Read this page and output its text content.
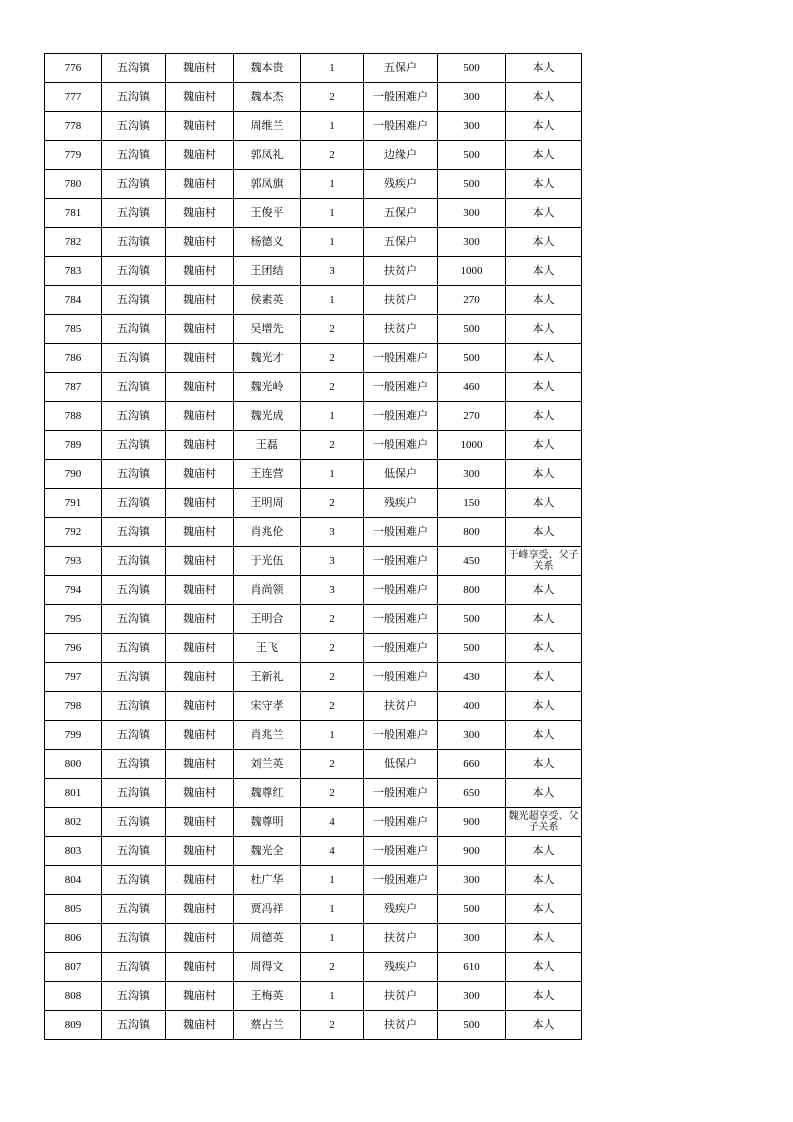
776	五沟镇	魏庙村	魏本贵	1	五保户	500	本人
777	五沟镇	魏庙村	魏本杰	2	一般困难户	300	本人
778	五沟镇	魏庙村	周维兰	1	一般困难户	300	本人
779	五沟镇	魏庙村	郭凤礼	2	边缘户	500	本人
780	五沟镇	魏庙村	郭凤旗	1	残疾户	500	本人
781	五沟镇	魏庙村	王俊平	1	五保户	300	本人
782	五沟镇	魏庙村	杨德义	1	五保户	300	本人
783	五沟镇	魏庙村	王团结	3	扶贫户	1000	本人
784	五沟镇	魏庙村	侯素英	1	扶贫户	270	本人
785	五沟镇	魏庙村	吴增先	2	扶贫户	500	本人
786	五沟镇	魏庙村	魏光才	2	一般困难户	500	本人
787	五沟镇	魏庙村	魏光岭	2	一般困难户	460	本人
788	五沟镇	魏庙村	魏光成	1	一般困难户	270	本人
789	五沟镇	魏庙村	王磊	2	一般困难户	1000	本人
790	五沟镇	魏庙村	王连营	1	低保户	300	本人
791	五沟镇	魏庙村	王明周	2	残疾户	150	本人
792	五沟镇	魏庙村	肖兆伦	3	一般困难户	800	本人
793	五沟镇	魏庙村	于光伍	3	一般困难户	450	于峰享受、父子关系
794	五沟镇	魏庙村	肖尚领	3	一般困难户	800	本人
795	五沟镇	魏庙村	王明合	2	一般困难户	500	本人
796	五沟镇	魏庙村	王飞	2	一般困难户	500	本人
797	五沟镇	魏庙村	王新礼	2	一般困难户	430	本人
798	五沟镇	魏庙村	宋守孝	2	扶贫户	400	本人
799	五沟镇	魏庙村	肖兆兰	1	一般困难户	300	本人
800	五沟镇	魏庙村	刘兰英	2	低保户	660	本人
801	五沟镇	魏庙村	魏尊红	2	一般困难户	650	本人
802	五沟镇	魏庙村	魏尊明	4	一般困难户	900	魏光超享受、父子关系
803	五沟镇	魏庙村	魏光全	4	一般困难户	900	本人
804	五沟镇	魏庙村	杜广华	1	一般困难户	300	本人
805	五沟镇	魏庙村	贾冯祥	1	残疾户	500	本人
806	五沟镇	魏庙村	周德英	1	扶贫户	300	本人
807	五沟镇	魏庙村	周得文	2	残疾户	610	本人
808	五沟镇	魏庙村	王梅英	1	扶贫户	300	本人
809	五沟镇	魏庙村	蔡占兰	2	扶贫户	500	本人
